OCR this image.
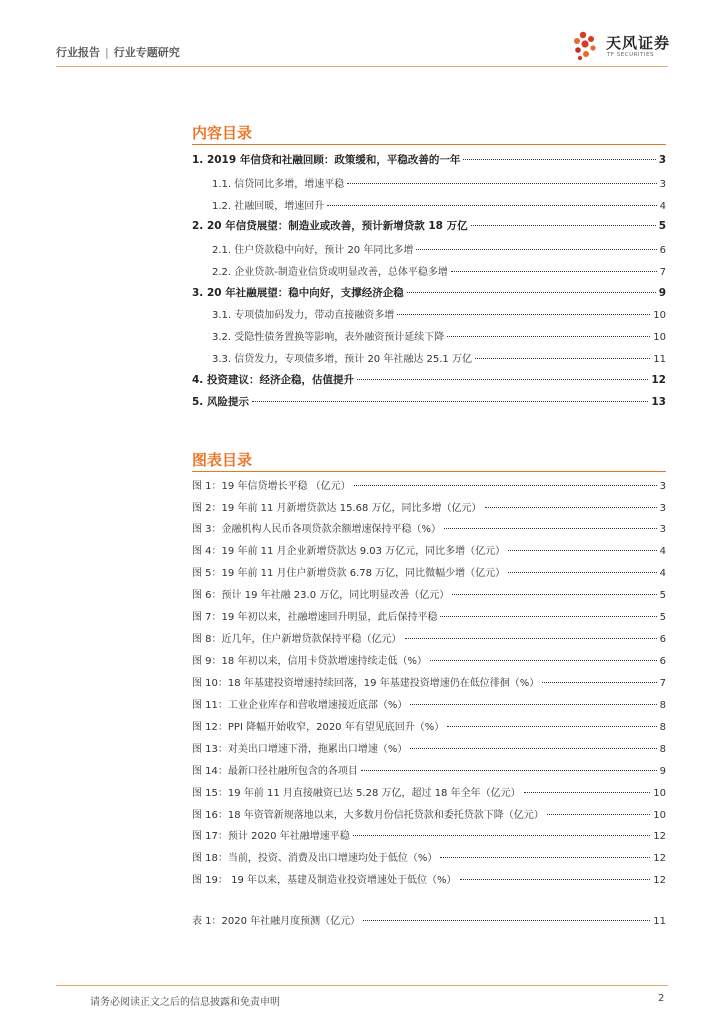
行业报告 | 行业专题研究
天风证券
TF SECURITIES
内容目录
1. 2019 年信贷和社融回顾：政策缓和，平稳改善的一年	3
1.1. 信贷同比多增，增速平稳	3
1.2. 社融回暖，增速回升	4
2. 20 年信贷展望：制造业或改善，预计新增贷款 18 万亿	5
2.1. 住户贷款稳中向好，预计 20 年同比多增	6
2.2. 企业贷款-制造业信贷或明显改善，总体平稳多增	7
3. 20 年社融展望：稳中向好，支撑经济企稳	9
3.1. 专项债加码发力，带动直接融资多增	10
3.2. 受隐性债务置换等影响，表外融资预计延续下降	10
3.3. 信贷发力，专项债多增，预计 20 年社融达 25.1 万亿	11
4. 投资建议：经济企稳，估值提升	12
5. 风险提示	13
图表目录
图 1：19 年信贷增长平稳 （亿元）	3
图 2：19 年前 11 月新增贷款达 15.68 万亿，同比多增（亿元）	3
图 3：金融机构人民币各项贷款余额增速保持平稳（%）	3
图 4：19 年前 11 月企业新增贷款达 9.03 万亿元，同比多增（亿元）	4
图 5：19 年前 11 月住户新增贷款 6.78 万亿，同比微幅少增（亿元）	4
图 6：预计 19 年社融 23.0 万亿，同比明显改善（亿元）	5
图 7：19 年初以来，社融增速回升明显，此后保持平稳	5
图 8：近几年，住户新增贷款保持平稳（亿元）	6
图 9：18 年初以来，信用卡贷款增速持续走低（%）	6
图 10：18 年基建投资增速持续回落，19 年基建投资增速仍在低位徘徊（%）	7
图 11：工业企业库存和营收增速接近底部（%）	8
图 12：PPI 降幅开始收窄，2020 年有望见底回升（%）	8
图 13：对美出口增速下滑，拖累出口增速（%）	8
图 14：最新口径社融所包含的各项目	9
图 15：19 年前 11 月直接融资已达 5.28 万亿，超过 18 年全年（亿元）	10
图 16：18 年资管新规落地以来，大多数月份信托贷款和委托贷款下降（亿元）	10
图 17：预计 2020 年社融增速平稳	12
图 18：当前，投资、消费及出口增速均处于低位（%）	12
图 19： 19 年以来，基建及制造业投资增速处于低位（%）	12
表 1：2020 年社融月度预测（亿元）	11
请务必阅读正文之后的信息披露和免责申明	2
